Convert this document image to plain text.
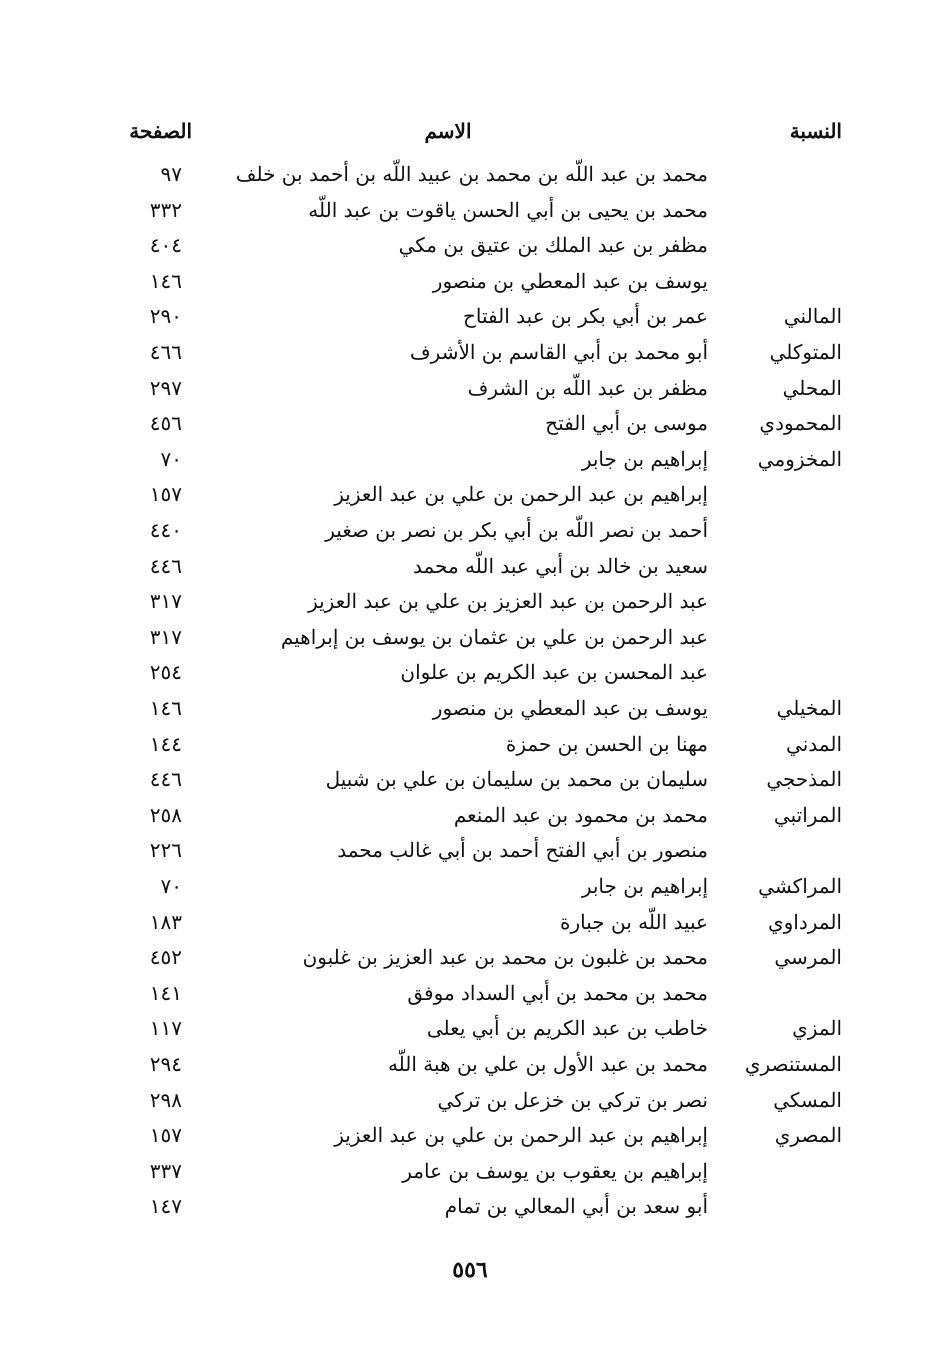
النسبة
الاسم
الصفحة
محمد بن عبد اللّه بن محمد بن عبيد اللّه بن أحمد بن خلف
٩٧
محمد بن يحيى بن أبي الحسن ياقوت بن عبد اللّه
٣٣٢
مظفر بن عبد الملك بن عتيق بن مكي
٤٠٤
يوسف بن عبد المعطي بن منصور
١٤٦
المالني
عمر بن أبي بكر بن عبد الفتاح
٢٩٠
المتوكلي
أبو محمد بن أبي القاسم بن الأشرف
٤٦٦
المحلي
مظفر بن عبد اللّه بن الشرف
٢٩٧
المحمودي
موسى بن أبي الفتح
٤٥٦
المخزومي
إبراهيم بن جابر
٧٠
إبراهيم بن عبد الرحمن بن علي بن عبد العزيز
١٥٧
أحمد بن نصر اللّه بن أبي بكر بن نصر بن صغير
٤٤٠
سعيد بن خالد بن أبي عبد اللّه محمد
٤٤٦
عبد الرحمن بن عبد العزيز بن علي بن عبد العزيز
٣١٧
عبد الرحمن بن علي بن عثمان بن يوسف بن إبراهيم
٣١٧
عبد المحسن بن عبد الكريم بن علوان
٢٥٤
المخيلي
يوسف بن عبد المعطي بن منصور
١٤٦
المدني
مهنا بن الحسن بن حمزة
١٤٤
المذحجي
سليمان بن محمد بن سليمان بن علي بن شبيل
٤٤٦
المراتبي
محمد بن محمود بن عبد المنعم
٢٥٨
منصور بن أبي الفتح أحمد بن أبي غالب محمد
٢٢٦
المراكشي
إبراهيم بن جابر
٧٠
المرداوي
عبيد اللّه بن جبارة
١٨٣
المرسي
محمد بن غلبون بن محمد بن عبد العزيز بن غلبون
٤٥٢
محمد بن محمد بن أبي السداد موفق
١٤١
المزي
خاطب بن عبد الكريم بن أبي يعلى
١١٧
المستنصري
محمد بن عبد الأول بن علي بن هبة اللّه
٢٩٤
المسكي
نصر بن تركي بن خزعل بن تركي
٢٩٨
المصري
إبراهيم بن عبد الرحمن بن علي بن عبد العزيز
١٥٧
إبراهيم بن يعقوب بن يوسف بن عامر
٣٣٧
أبو سعد بن أبي المعالي بن تمام
١٤٧
٥٥٦
